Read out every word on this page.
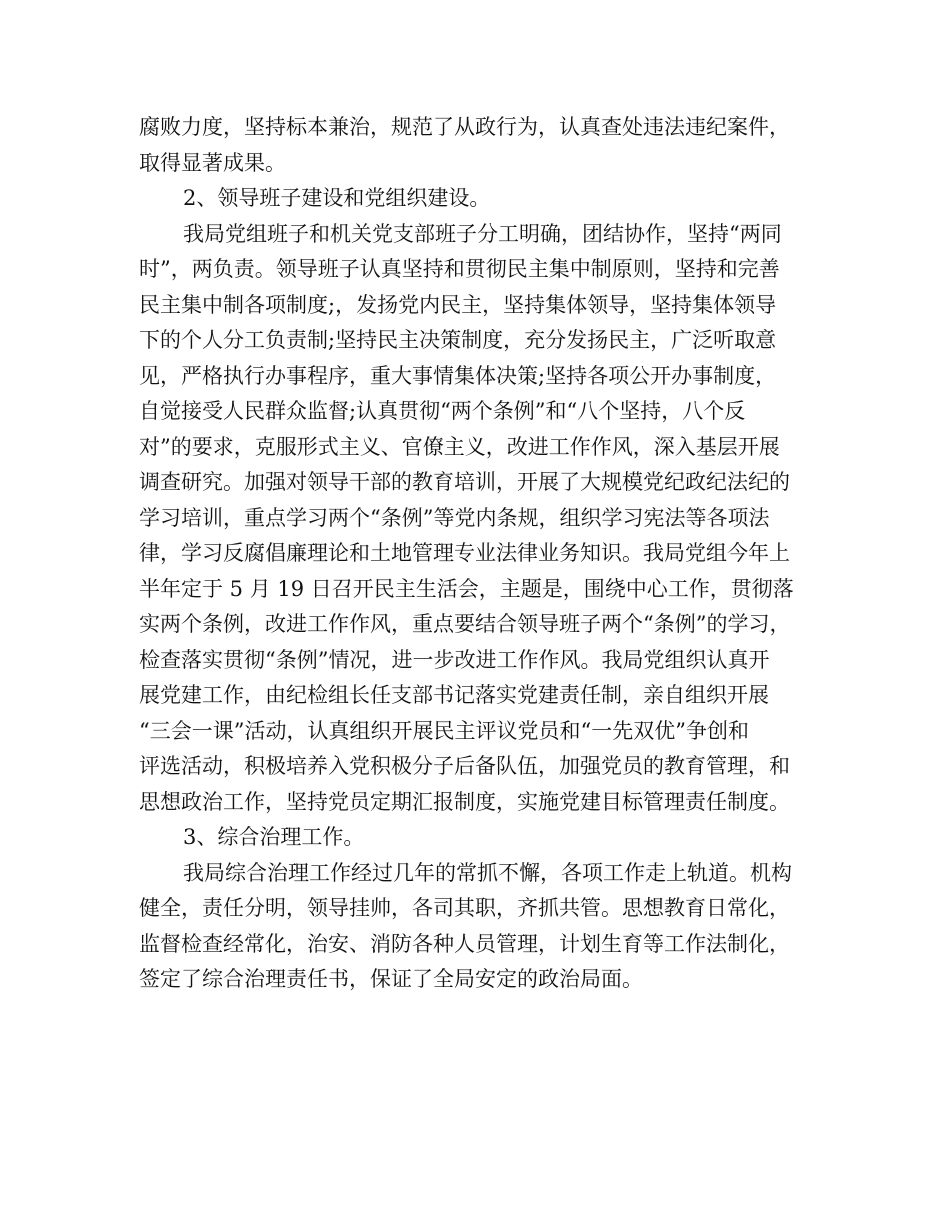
腐败力度，坚持标本兼治，规范了从政行为，认真查处违法违纪案件，
取得显著成果。
2、领导班子建设和党组织建设。
我局党组班子和机关党支部班子分工明确，团结协作，坚持“两同
时”，两负责。领导班子认真坚持和贯彻民主集中制原则，坚持和完善
民主集中制各项制度;，发扬党内民主，坚持集体领导，坚持集体领导
下的个人分工负责制;坚持民主决策制度，充分发扬民主，广泛听取意
见，严格执行办事程序，重大事情集体决策;坚持各项公开办事制度，
自觉接受人民群众监督;认真贯彻“两个条例”和“八个坚持，八个反
对”的要求，克服形式主义、官僚主义，改进工作作风，深入基层开展
调查研究。加强对领导干部的教育培训，开展了大规模党纪政纪法纪的
学习培训，重点学习两个“条例”等党内条规，组织学习宪法等各项法
律，学习反腐倡廉理论和土地管理专业法律业务知识。我局党组今年上
半年定于 5 月 19 日召开民主生活会，主题是，围绕中心工作，贯彻落
实两个条例，改进工作作风，重点要结合领导班子两个“条例”的学习，
检查落实贯彻“条例”情况，进一步改进工作作风。我局党组织认真开
展党建工作，由纪检组长任支部书记落实党建责任制，亲自组织开展
“三会一课”活动，认真组织开展民主评议党员和“一先双优”争创和
评选活动，积极培养入党积极分子后备队伍，加强党员的教育管理，和
思想政治工作，坚持党员定期汇报制度，实施党建目标管理责任制度。
3、综合治理工作。
我局综合治理工作经过几年的常抓不懈，各项工作走上轨道。机构
健全，责任分明，领导挂帅，各司其职，齐抓共管。思想教育日常化，
监督检查经常化，治安、消防各种人员管理，计划生育等工作法制化，
签定了综合治理责任书，保证了全局安定的政治局面。
